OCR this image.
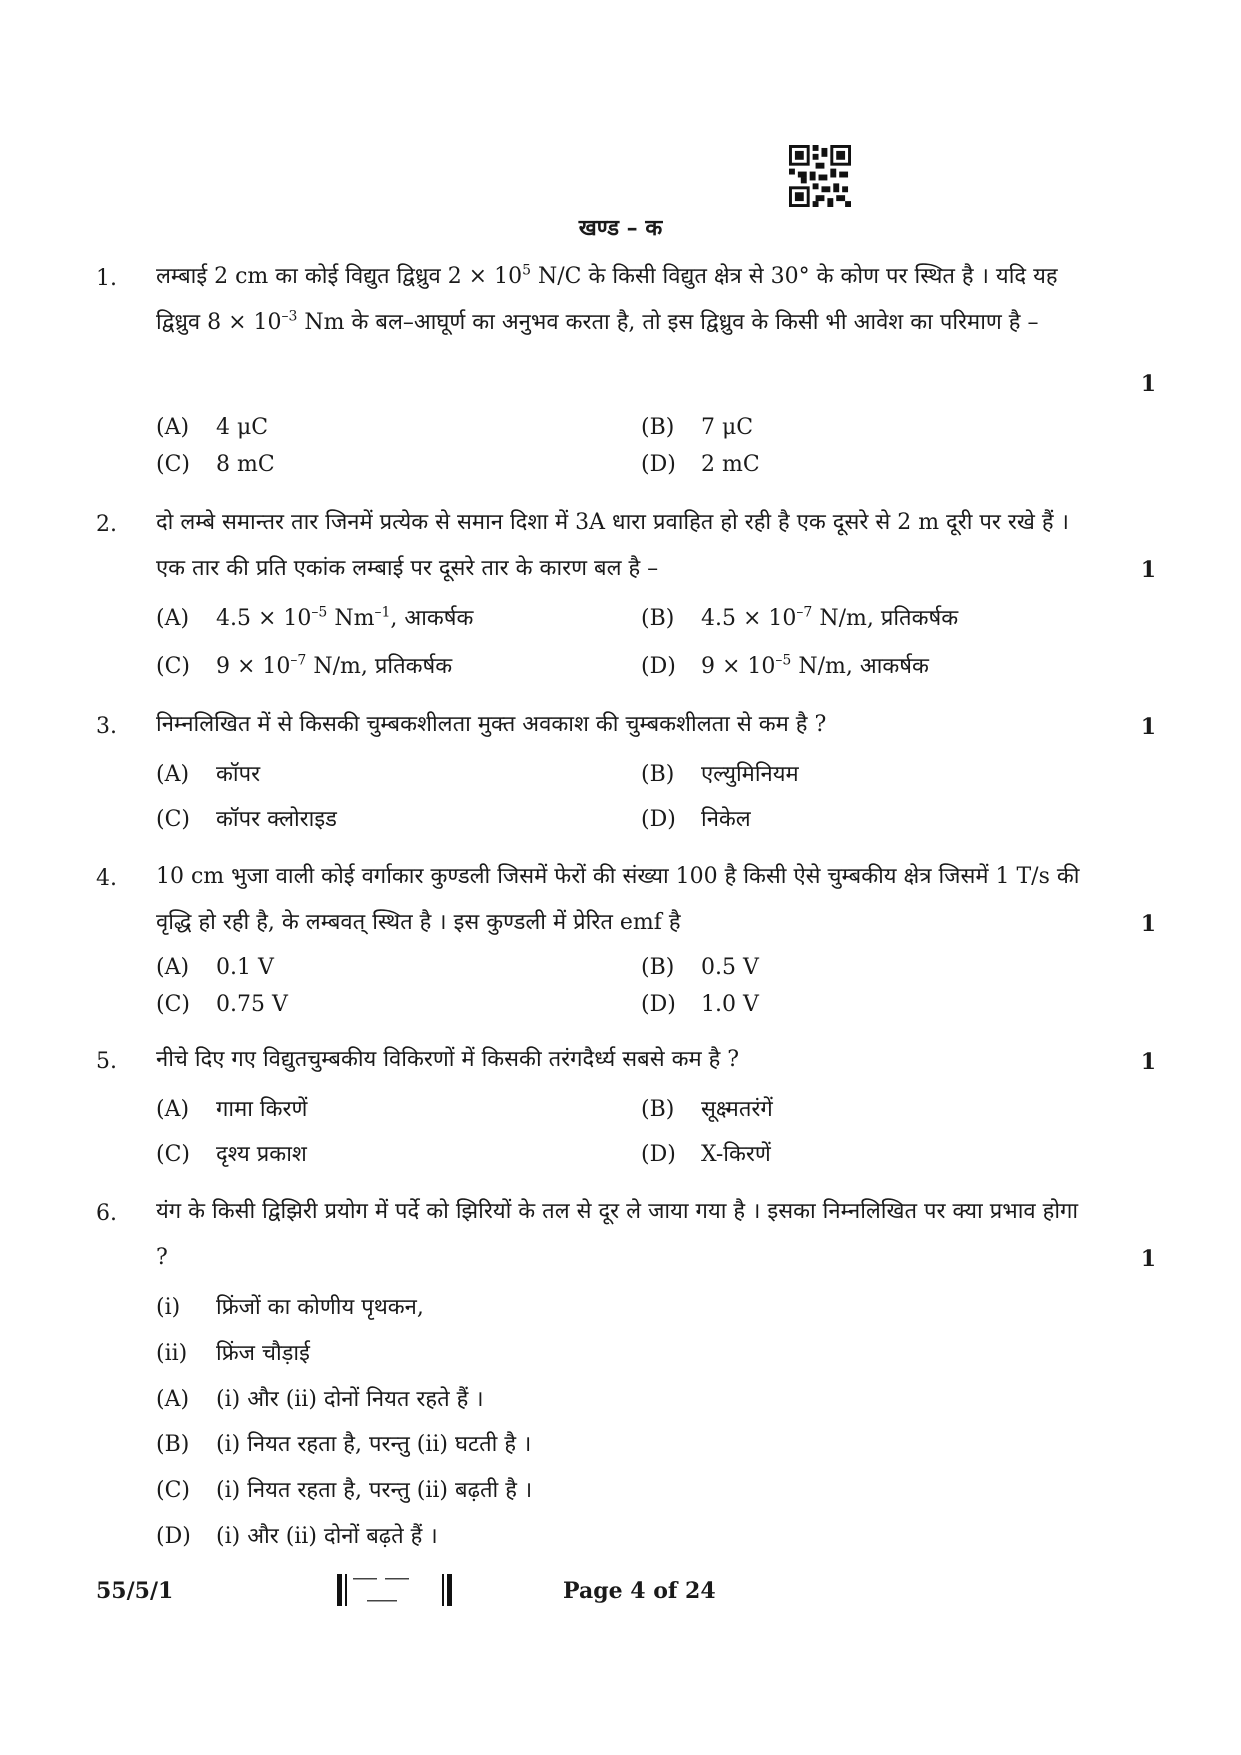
खण्ड – क
1. लम्बाई 2 cm का कोई विद्युत द्विध्रुव $2 \times 10^5$ N/C के किसी विद्युत क्षेत्र से 30° के कोण पर स्थित है । यदि यह द्विध्रुव $8 \times 10^{-3}$ Nm के बल–आघूर्ण का अनुभव करता है, तो इस द्विध्रुव के किसी भी आवेश का परिमाण है –
1
(A) 4 μC	(B) 7 μC
(C) 8 mC	(D) 2 mC
2. दो लम्बे समान्तर तार जिनमें प्रत्येक से समान दिशा में 3A धारा प्रवाहित हो रही है एक दूसरे से 2 m दूरी पर रखे हैं । एक तार की प्रति एकांक लम्बाई पर दूसरे तार के कारण बल है –	1
(A) $4.5 \times 10^{-5}$ $Nm^{-1}$, आकर्षक	(B) $4.5 \times 10^{-7}$ N/m, प्रतिकर्षक
(C) $9 \times 10^{-7}$ N/m, प्रतिकर्षक	(D) $9 \times 10^{-5}$ N/m, आकर्षक
3. निम्नलिखित में से किसकी चुम्बकशीलता मुक्त अवकाश की चुम्बकशीलता से कम है ?	1
(A) कॉपर	(B) एल्युमिनियम
(C) कॉपर क्लोराइड	(D) निकेल
4. 10 cm भुजा वाली कोई वर्गाकार कुण्डली जिसमें फेरों की संख्या 100 है किसी ऐसे चुम्बकीय क्षेत्र जिसमें 1 T/s की वृद्धि हो रही है, के लम्बवत् स्थित है । इस कुण्डली में प्रेरित emf है	1
(A) 0.1 V	(B) 0.5 V
(C) 0.75 V	(D) 1.0 V
5. नीचे दिए गए विद्युतचुम्बकीय विकिरणों में किसकी तरंगदैर्ध्य सबसे कम है ?	1
(A) गामा किरणें	(B) सूक्ष्मतरंगें
(C) दृश्य प्रकाश	(D) X-किरणें
6. यंग के किसी द्विझिरी प्रयोग में पर्दे को झिरियों के तल से दूर ले जाया गया है । इसका निम्नलिखित पर क्या प्रभाव होगा ?	1
(i) फ्रिंजों का कोणीय पृथकन,
(ii) फ्रिंज चौड़ाई
(A) (i) और (ii) दोनों नियत रहते हैं ।
(B) (i) नियत रहता है, परन्तु (ii) घटती है ।
(C) (i) नियत रहता है, परन्तु (ii) बढ़ती है ।
(D) (i) और (ii) दोनों बढ़ते हैं ।
55/5/1	Page 4 of 24
